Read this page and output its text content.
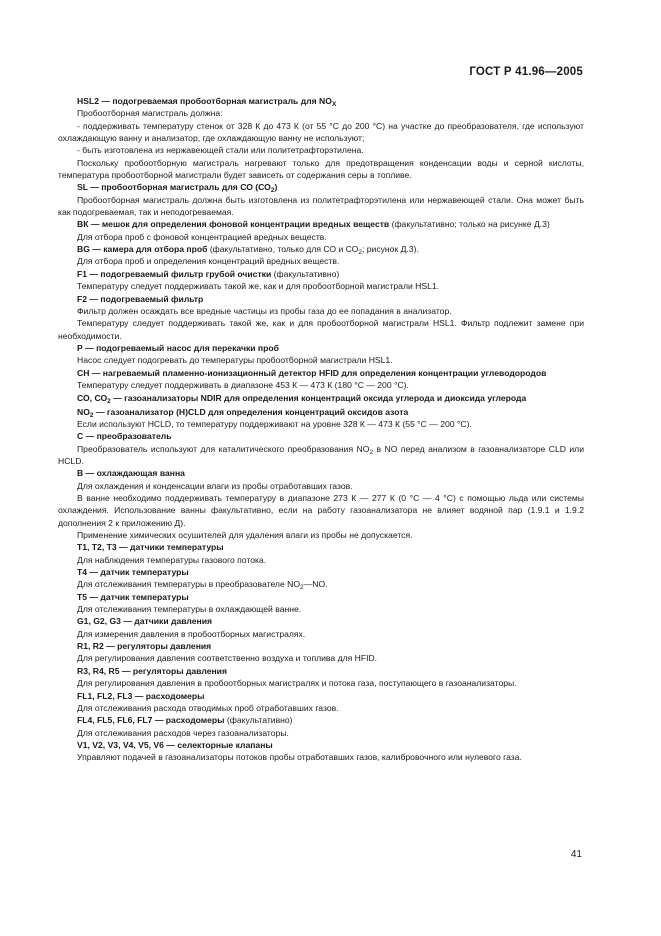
ГОСТ Р 41.96—2005
HSL2 — подогреваемая пробоотборная магистраль для $NO_X$
Пробоотборная магистраль должна:
- поддерживать температуру стенок от 328 К до 473 К (от 55 °С до 200 °С) на участке до преобразователя, где используют охлаждающую ванну и анализатор, где охлаждающую ванну не используют;
- быть изготовлена из нержавеющей стали или политетрафторэтилена.
Поскольку пробоотборную магистраль нагревают только для предотвращения конденсации воды и серной кислоты, температура пробоотборной магистрали будет зависеть от содержания серы в топливе.
SL — пробоотборная магистраль для СО $(СО_2)$
Пробоотборная магистраль должна быть изготовлена из политетрафторэтилена или нержавеющей стали. Она может быть как подогреваемая, так и неподогреваемая.
ВК — мешок для определения фоновой концентрации вредных веществ (факультативно; только на рисунке Д.3)
Для отбора проб с фоновой концентрацией вредных веществ.
BG — камера для отбора проб (факультативно, только для СО и $СО_2$; рисунок Д.3).
Для отбора проб и определения концентраций вредных веществ.
F1 — подогреваемый фильтр грубой очистки (факультативно)
Температуру следует поддерживать такой же, как и для пробоотборной магистрали HSL1.
F2 — подогреваемый фильтр
Фильтр должен осаждать все вредные частицы из пробы газа до ее попадания в анализатор.
Температуру следует поддерживать такой же, как и для пробоотборной магистрали HSL1. Фильтр подлежит замене при необходимости.
Р — подогреваемый насос для перекачки проб
Насос следует подогревать до температуры пробоотборной магистрали HSL1.
СН — нагреваемый пламенно-ионизационный детектор HFID для определения концентрации углеводородов
Температуру следует поддерживать в диапазоне 453 К — 473 К (180 °С — 200 °С).
СО, $СО_2$ — газоанализаторы NDIR для определения концентраций оксида углерода и диоксида углерода
$NO_2$ — газоанализатор (H)CLD для определения концентраций оксидов азота
Если используют HCLD, то температуру поддерживают на уровне 328 К — 473 К (55 °С — 200 °С).
С — преобразователь
Преобразователь используют для каталитического преобразования $NO_2$ в NO перед анализом в газоанализаторе CLD или HCLD.
В — охлаждающая ванна
Для охлаждения и конденсации влаги из пробы отработавших газов.
В ванне необходимо поддерживать температуру в диапазоне 273 К — 277 К (0 °С — 4 °С) с помощью льда или системы охлаждения. Использование ванны факультативно, если на работу газоанализатора не влияет водяной пар (1.9.1 и 1.9.2 дополнения 2 к приложению Д).
Применение химических осушителей для удаления влаги из пробы не допускается.
Т1, Т2, Т3 — датчики температуры
Для наблюдения температуры газового потока.
Т4 — датчик температуры
Для отслеживания температуры в преобразователе $NO_2—NO$.
Т5 — датчик температуры
Для отслеживания температуры в охлаждающей ванне.
G1, G2, G3 — датчики давления
Для измерения давления в пробоотборных магистралях.
R1, R2 — регуляторы давления
Для регулирования давления соответственно воздуха и топлива для HFID.
R3, R4, R5 — регуляторы давления
Для регулирования давления в пробоотборных магистралях и потока газа, поступающего в газоанализаторы.
FL1, FL2, FL3 — расходомеры
Для отслеживания расхода отводимых проб отработавших газов.
FL4, FL5, FL6, FL7 — расходомеры (факультативно)
Для отслеживания расходов через газоанализаторы.
V1, V2, V3, V4, V5, V6 — селекторные клапаны
Управляют подачей в газоанализаторы потоков пробы отработавших газов, калибровочного или нулевого газа.
41
